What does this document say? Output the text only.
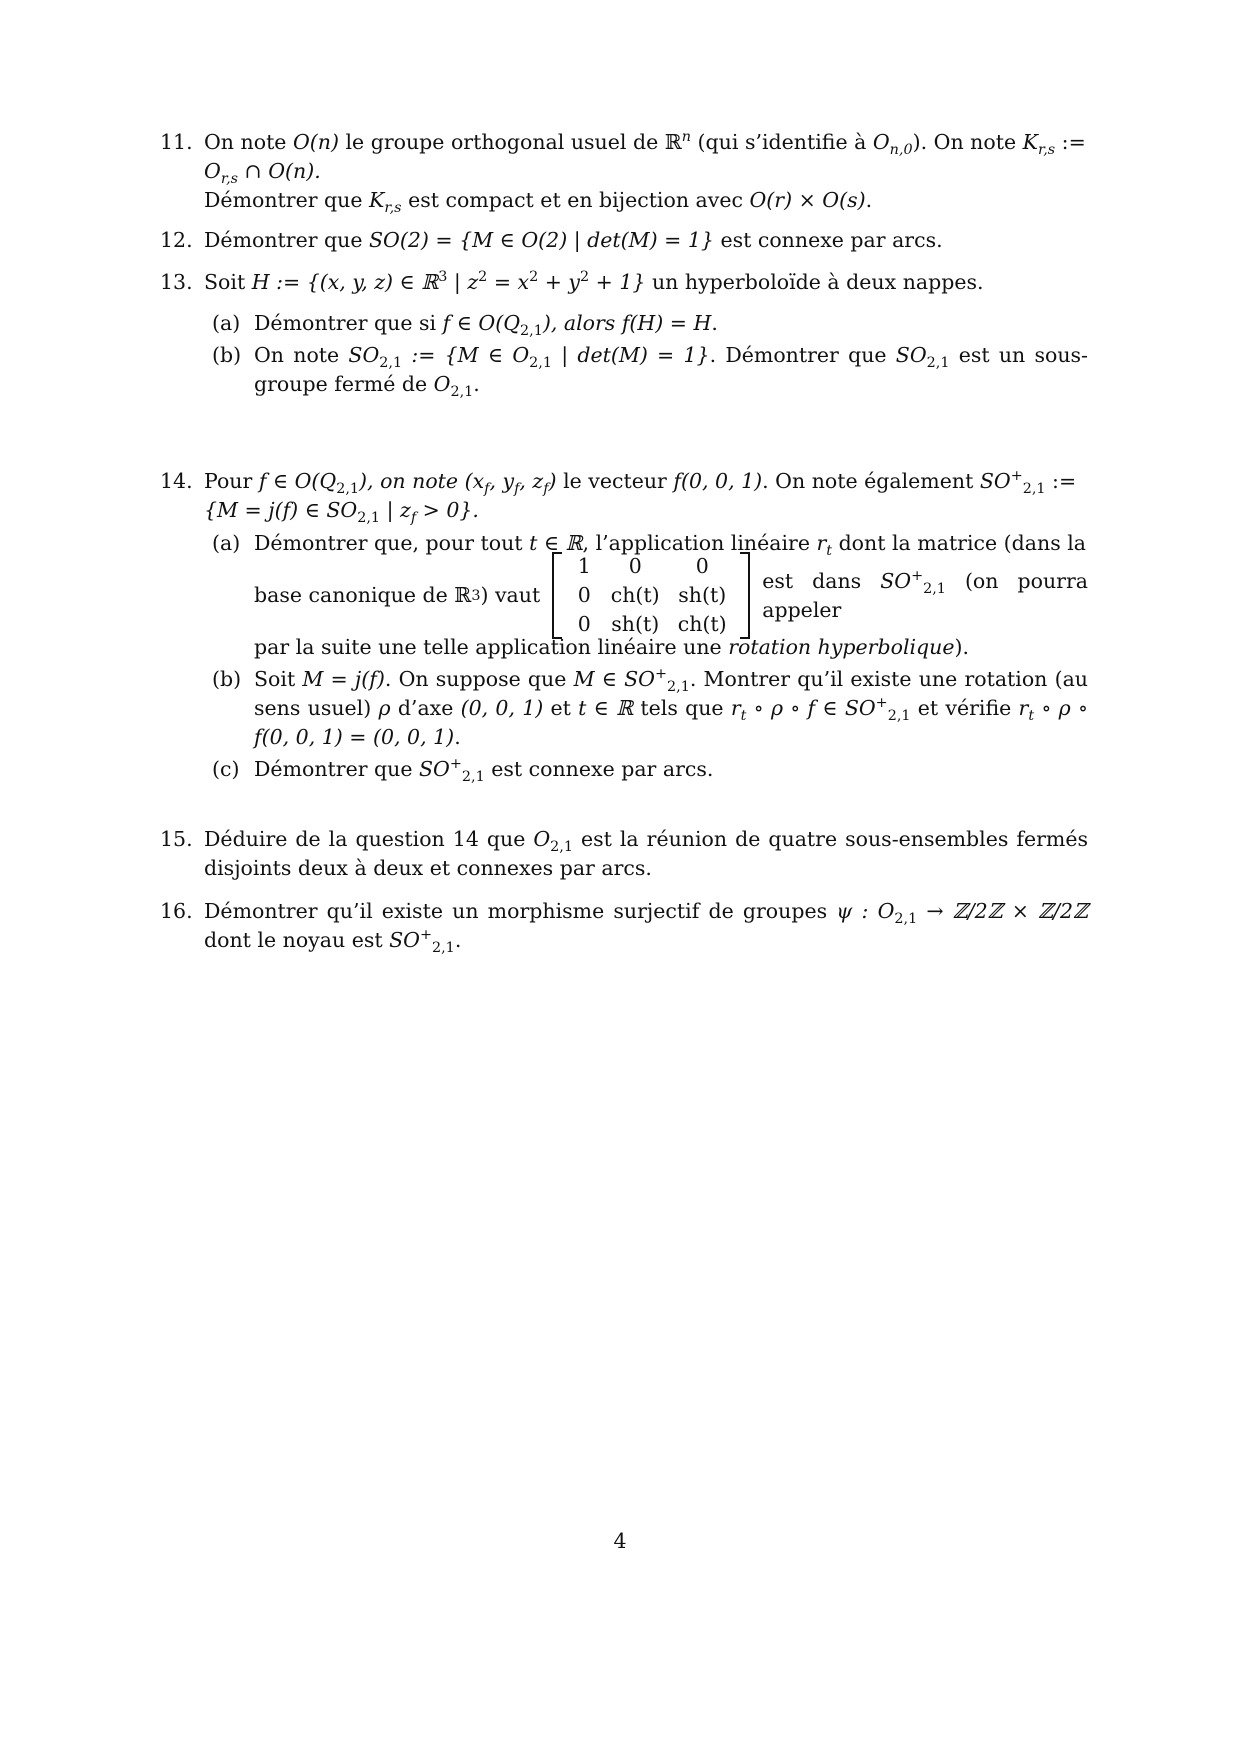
11. On note O(n) le groupe orthogonal usuel de ℝ$^n$ (qui s’identifie à $O_{n,0}$). On note $K_{r,s}$ :=

$O_{r,s}$ ∩ O(n).

Démontrer que $K_{r,s}$ est compact et en bijection avec O(r) × O(s).

12. Démontrer que SO(2) = {M ∈ O(2) | det(M) = 1} est connexe par arcs.

13. Soit H := {(x, y, z) ∈ ℝ$^3$ | $z^2 = x^2 + y^2 + 1$} un hyperboloïde à deux nappes.

(a) Démontrer que si f ∈ $O(Q_{2,1})$, alors f(H) = H.

(b) On note $SO_{2,1}$ := {M ∈ $O_{2,1}$ | det(M) = 1}. Démontrer que $SO_{2,1}$ est un sous-groupe fermé de $O_{2,1}$.

14. Pour f ∈ $O(Q_{2,1})$, on note ($x_f$, $y_f$, $z_f$) le vecteur f(0, 0, 1). On note également $SO^+_{2,1}$ :=
{M = j(f) ∈ $SO_{2,1}$ | $z_f > 0$}.

(a) Démontrer que, pour tout t ∈ ℝ, l’application linéaire $r_t$ dont la matrice (dans la

base canonique de ℝ 3 ) vaut
1	0	0
0 ch(t) sh(t)
0	sh(t) ch(t)
est dans $SO^+_{2,1}$ (on pourra appeler

par la suite une telle application linéaire une rotation hyperbolique).

(b) Soit M = j(f). On suppose que M ∈ $SO^+_{2,1}$. Montrer qu’il existe une rotation (au sens usuel) ρ d’axe (0, 0, 1) et t ∈ ℝ tels que $r_t$ ∘ ρ ∘ f ∈ $SO^+_{2,1}$ et vérifie $r_t$ ∘ ρ ∘ f(0, 0, 1) = (0, 0, 1).

(c) Démontrer que $SO^+_{2,1}$ est connexe par arcs.

15. Déduire de la question 14 que $O_{2,1}$ est la réunion de quatre sous-ensembles fermés disjoints deux à deux et connexes par arcs.

16. Démontrer qu’il existe un morphisme surjectif de groupes ψ : $O_{2,1}$ → ℤ/2ℤ × ℤ/2ℤ dont le noyau est $SO^+_{2,1}$.

4
